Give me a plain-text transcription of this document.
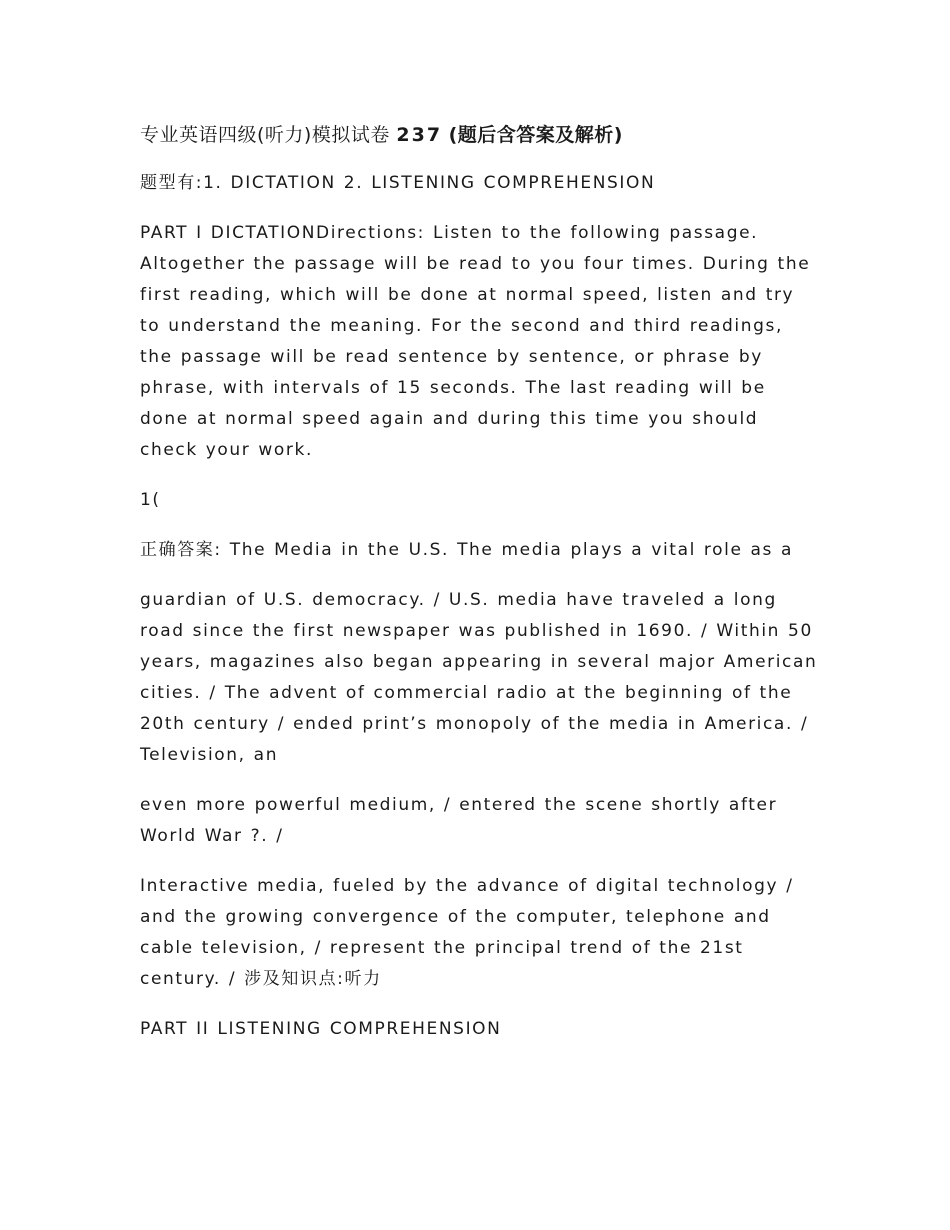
专业英语四级(听力)模拟试卷 237 (题后含答案及解析)

题型有:1. DICTATION 2. LISTENING COMPREHENSION

PART I DICTATIONDirections: Listen to the following passage. Altogether the passage will be read to you four times. During the first reading, which will be done at normal speed, listen and try to understand the meaning. For the second and third readings, the passage will be read sentence by sentence, or phrase by phrase, with intervals of 15 seconds. The last reading will be done at normal speed again and during this time you should check your work.

1(

正确答案: The Media in the U.S. The media plays a vital role as a

guardian of U.S. democracy. / U.S. media have traveled a long road since the first newspaper was published in 1690. / Within 50 years, magazines also began appearing in several major American cities. / The advent of commercial radio at the beginning of the 20th century / ended print’s monopoly of the media in America. / Television, an

even more powerful medium, / entered the scene shortly after World War ?. /

Interactive media, fueled by the advance of digital technology / and the growing convergence of the computer, telephone and cable television, / represent the principal trend of the 21st century. / 涉及知识点:听力

PART II LISTENING COMPREHENSION
